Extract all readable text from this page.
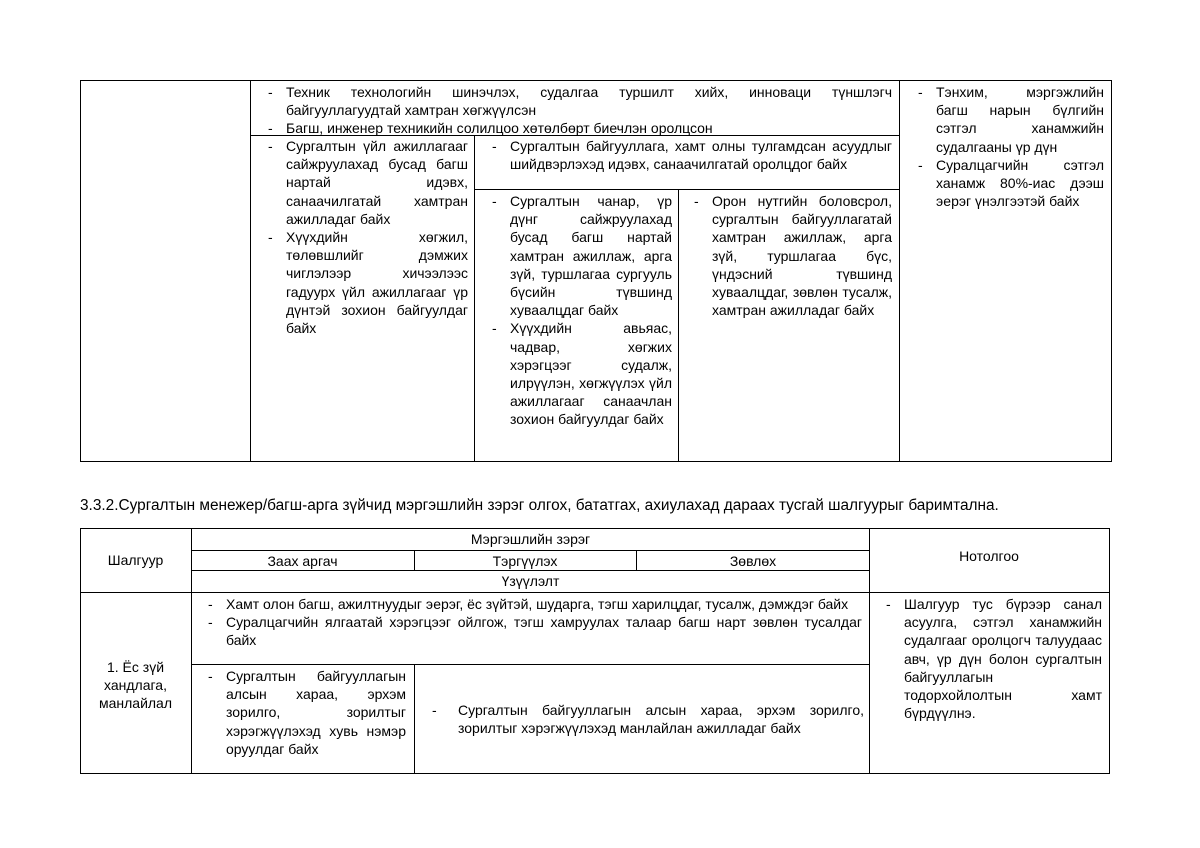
- Техник технологийн шинэчлэх, судалгаа туршилт хийх, инноваци түншлэгч байгууллагуудтай хамтран хөгжүүлсэн

- Багш, инженер техникийн солилцоо хөтөлбөрт биечлэн оролцсон

- Тэнхим, мэргэжлийн багш нарын бүлгийн сэтгэл ханамжийн судалгааны үр дүн

- Суралцагчийн сэтгэл ханамж 80%-иас дээш эерэг үнэлгээтэй байх

- Сургалтын үйл ажиллагааг сайжруулахад бусад багш нартай идэвх, санаачилгатай хамтран ажилладаг байх

- Хүүхдийн хөгжил, төлөвшлийг дэмжих чиглэлээр хичээлээс гадуурх үйл ажиллагааг үр дүнтэй зохион байгуулдаг байх

- Сургалтын байгууллага, хамт олны тулгамдсан асуудлыг шийдвэрлэхэд идэвх, санаачилгатай оролцдог байх

- Сургалтын чанар, үр дүнг сайжруулахад бусад багш нартай хамтран ажиллаж, арга зүй, туршлагаа сургууль бүсийн түвшинд хуваалцдаг байх

- Хүүхдийн авьяас, чадвар, хөгжих хэрэгцээг судалж, илрүүлэн, хөгжүүлэх үйл ажиллагааг санаачлан зохион байгуулдаг байх

- Орон нутгийн боловсрол, сургалтын байгууллагатай хамтран ажиллаж, арга зүй, туршлагаа бүс, үндэсний түвшинд хуваалцдаг, зөвлөн тусалж, хамтран ажилладаг байх

3.3.2.Сургалтын менежер/багш-арга зүйчид мэргэшлийн зэрэг олгох, бататгах, ахиулахад дараах тусгай шалгуурыг баримтална.
Шалгуур
Мэргэшлийн зэрэг
Заах аргач	Тэргүүлэх	Зөвлөх
Үзүүлэлт
Нотолгоо
1. Ёс зүй хандлага, манлайлал

- Хамт олон багш, ажилтнуудыг эерэг, ёс зүйтэй, шударга, тэгш харилцдаг, тусалж, дэмждэг байх

- Суралцагчийн ялгаатай хэрэгцээг ойлгож, тэгш хамруулах талаар багш нарт зөвлөн тусалдаг байх

- Сургалтын байгууллагын алсын хараа, эрхэм зорилго, зорилтыг хэрэгжүүлэхэд хувь нэмэр оруулдаг байх

- Сургалтын байгууллагын алсын хараа, эрхэм зорилго, зорилтыг хэрэгжүүлэхэд манлайлан ажилладаг байх

- Шалгуур тус бүрээр санал асуулга, сэтгэл ханамжийн судалгааг оролцогч талуудаас авч, үр дүн болон сургалтын байгууллагын тодорхойлолтын хамт бүрдүүлнэ.
